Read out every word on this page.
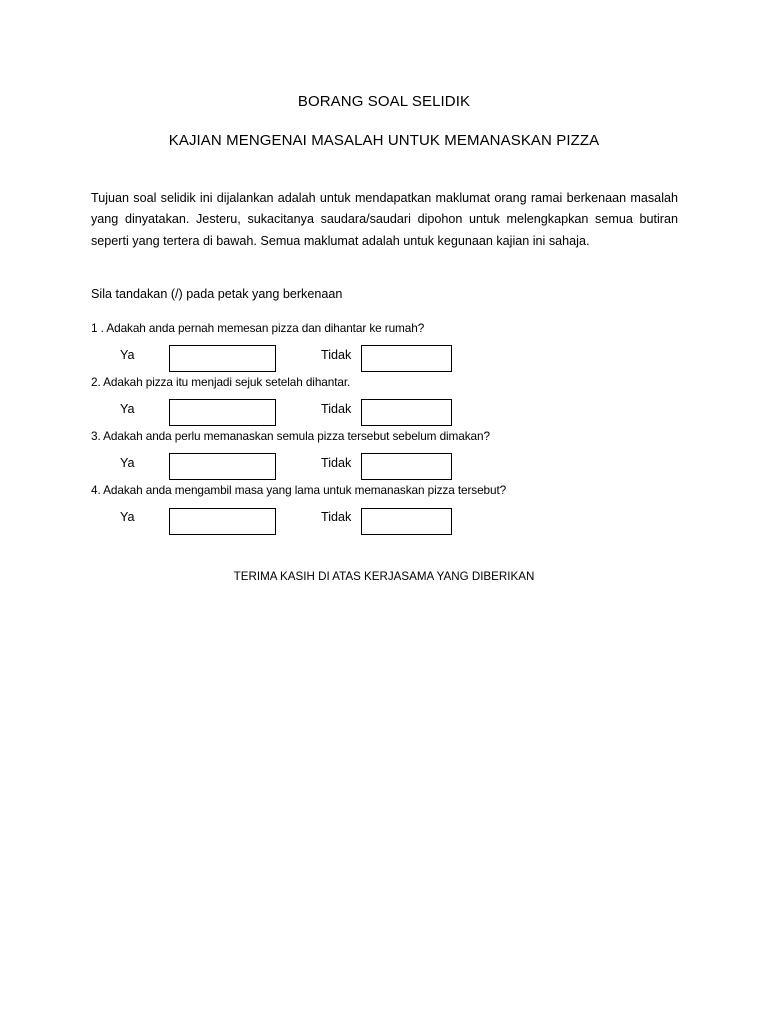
BORANG SOAL SELIDIK
KAJIAN MENGENAI MASALAH UNTUK MEMANASKAN PIZZA
Tujuan soal selidik ini dijalankan adalah untuk mendapatkan maklumat orang ramai berkenaan masalah yang dinyatakan. Jesteru, sukacitanya saudara/saudari dipohon untuk melengkapkan semua butiran seperti yang tertera di bawah. Semua maklumat adalah untuk kegunaan kajian ini sahaja.
Sila tandakan (/) pada petak yang berkenaan
1 . Adakah anda pernah memesan pizza dan dihantar ke rumah?
Ya	Tidak
2. Adakah pizza itu menjadi sejuk setelah dihantar.
Ya	Tidak
3. Adakah anda perlu memanaskan semula pizza tersebut sebelum dimakan?
Ya	Tidak
4. Adakah anda mengambil masa yang lama untuk memanaskan pizza tersebut?
Ya	Tidak
TERIMA KASIH DI ATAS KERJASAMA YANG DIBERIKAN
